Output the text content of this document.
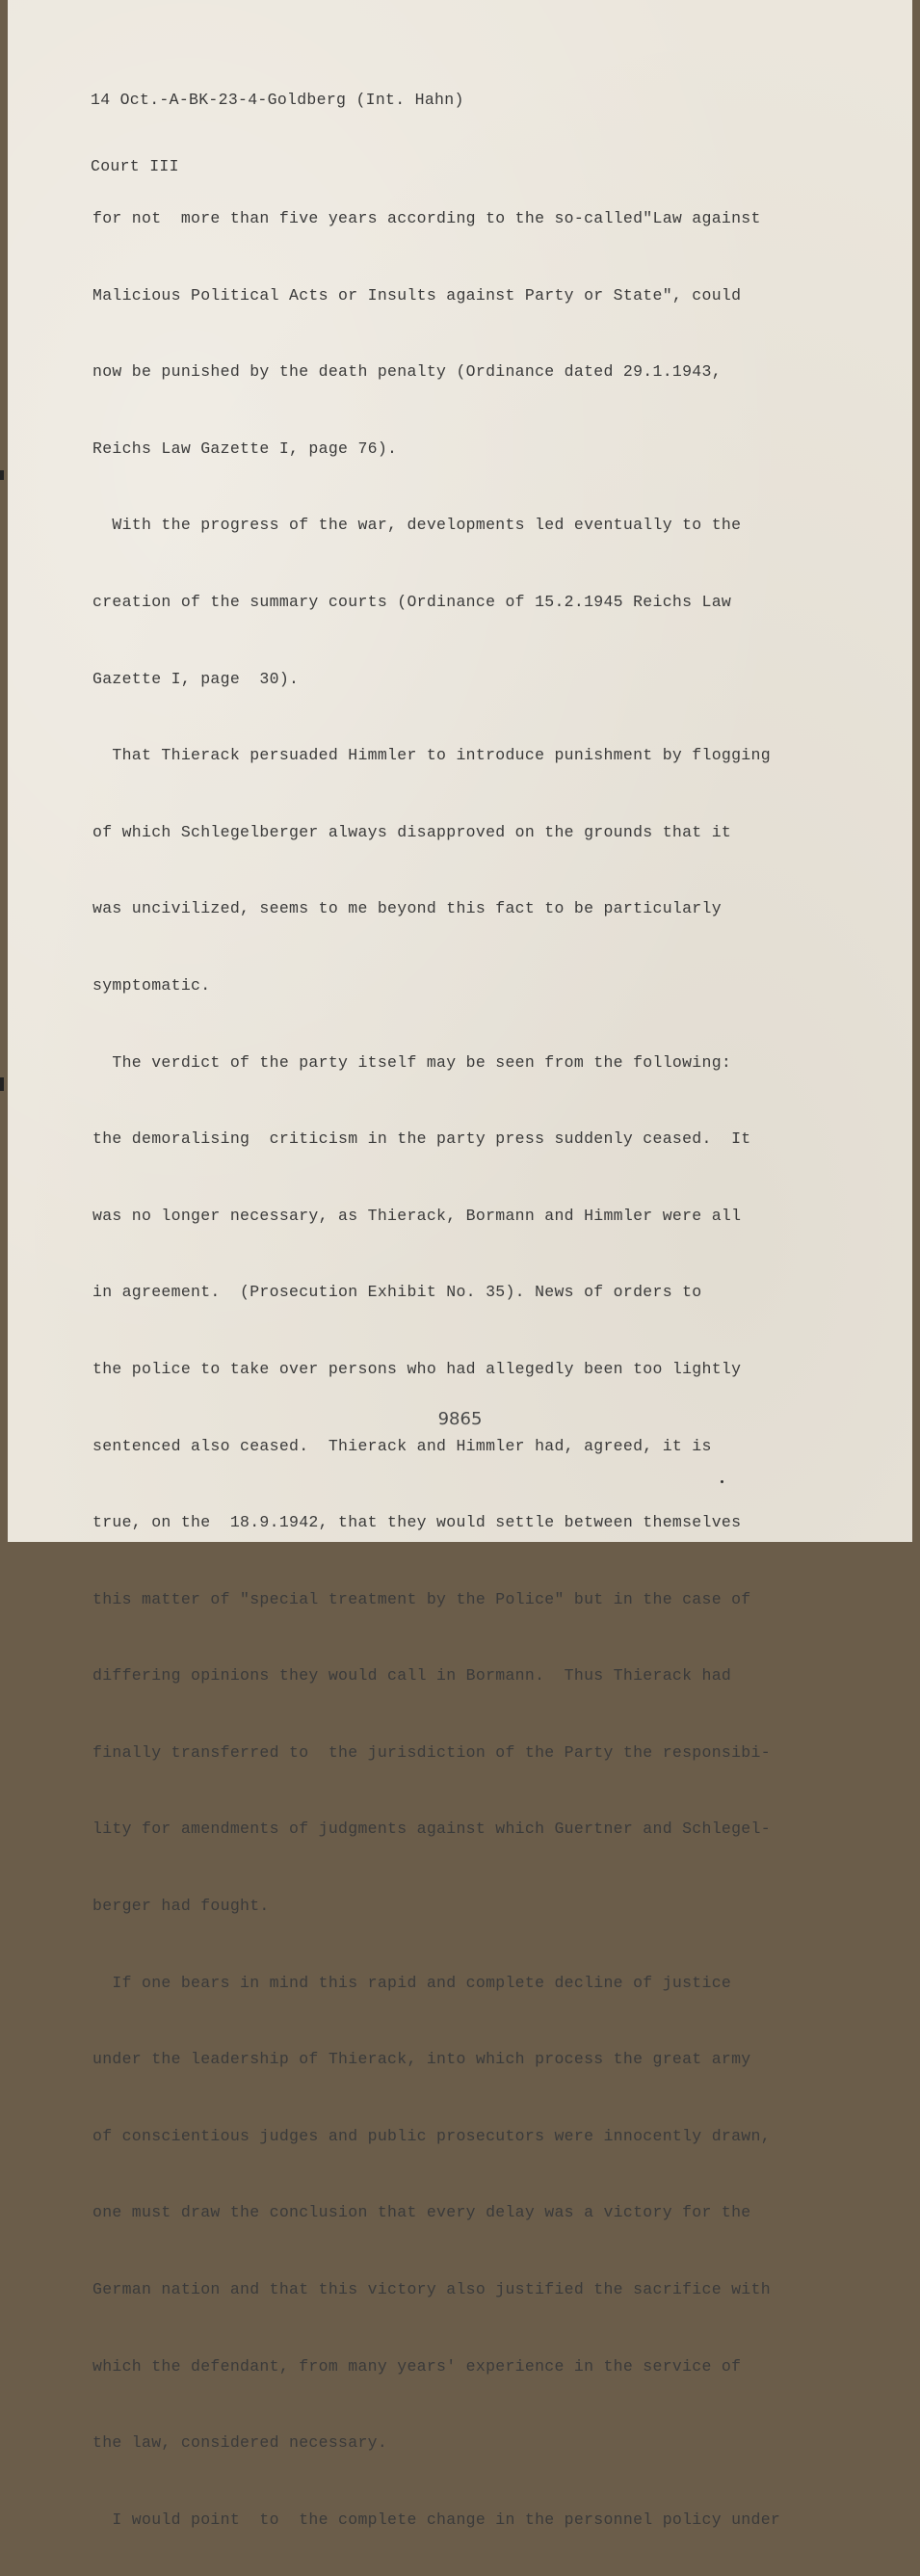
14 Oct.-A-BK-23-4-Goldberg (Int. Hahn)

Court III

for not  more than five years according to the so-called"Law against

Malicious Political Acts or Insults against Party or State", could

now be punished by the death penalty (Ordinance dated 29.1.1943,

Reichs Law Gazette I, page 76).

With the progress of the war, developments led eventually to the

creation of the summary courts (Ordinance of 15.2.1945 Reichs Law

Gazette I, page  30).

That Thierack persuaded Himmler to introduce punishment by flogging

of which Schlegelberger always disapproved on the grounds that it

was uncivilized, seems to me beyond this fact to be particularly

symptomatic.

The verdict of the party itself may be seen from the following:

the demoralising  criticism in the party press suddenly ceased.  It

was no longer necessary, as Thierack, Bormann and Himmler were all

in agreement.  (Prosecution Exhibit No. 35). News of orders to

the police to take over persons who had allegedly been too lightly

sentenced also ceased.  Thierack and Himmler had, agreed, it is

true, on the  18.9.1942, that they would settle between themselves

this matter of "special treatment by the Police" but in the case of

differing opinions they would call in Bormann.  Thus Thierack had

finally transferred to  the jurisdiction of the Party the responsibi-

lity for amendments of judgments against which Guertner and Schlegel-

berger had fought.

If one bears in mind this rapid and complete decline of justice

under the leadership of Thierack, into which process the great army

of conscientious judges and public prosecutors were innocently drawn,

one must draw the conclusion that every delay was a victory for the

German nation and that this victory also justified the sacrifice with

which the defendant, from many years' experience in the service of

the law, considered necessary.

I would point  to  the complete change in the personnel policy under

9865
